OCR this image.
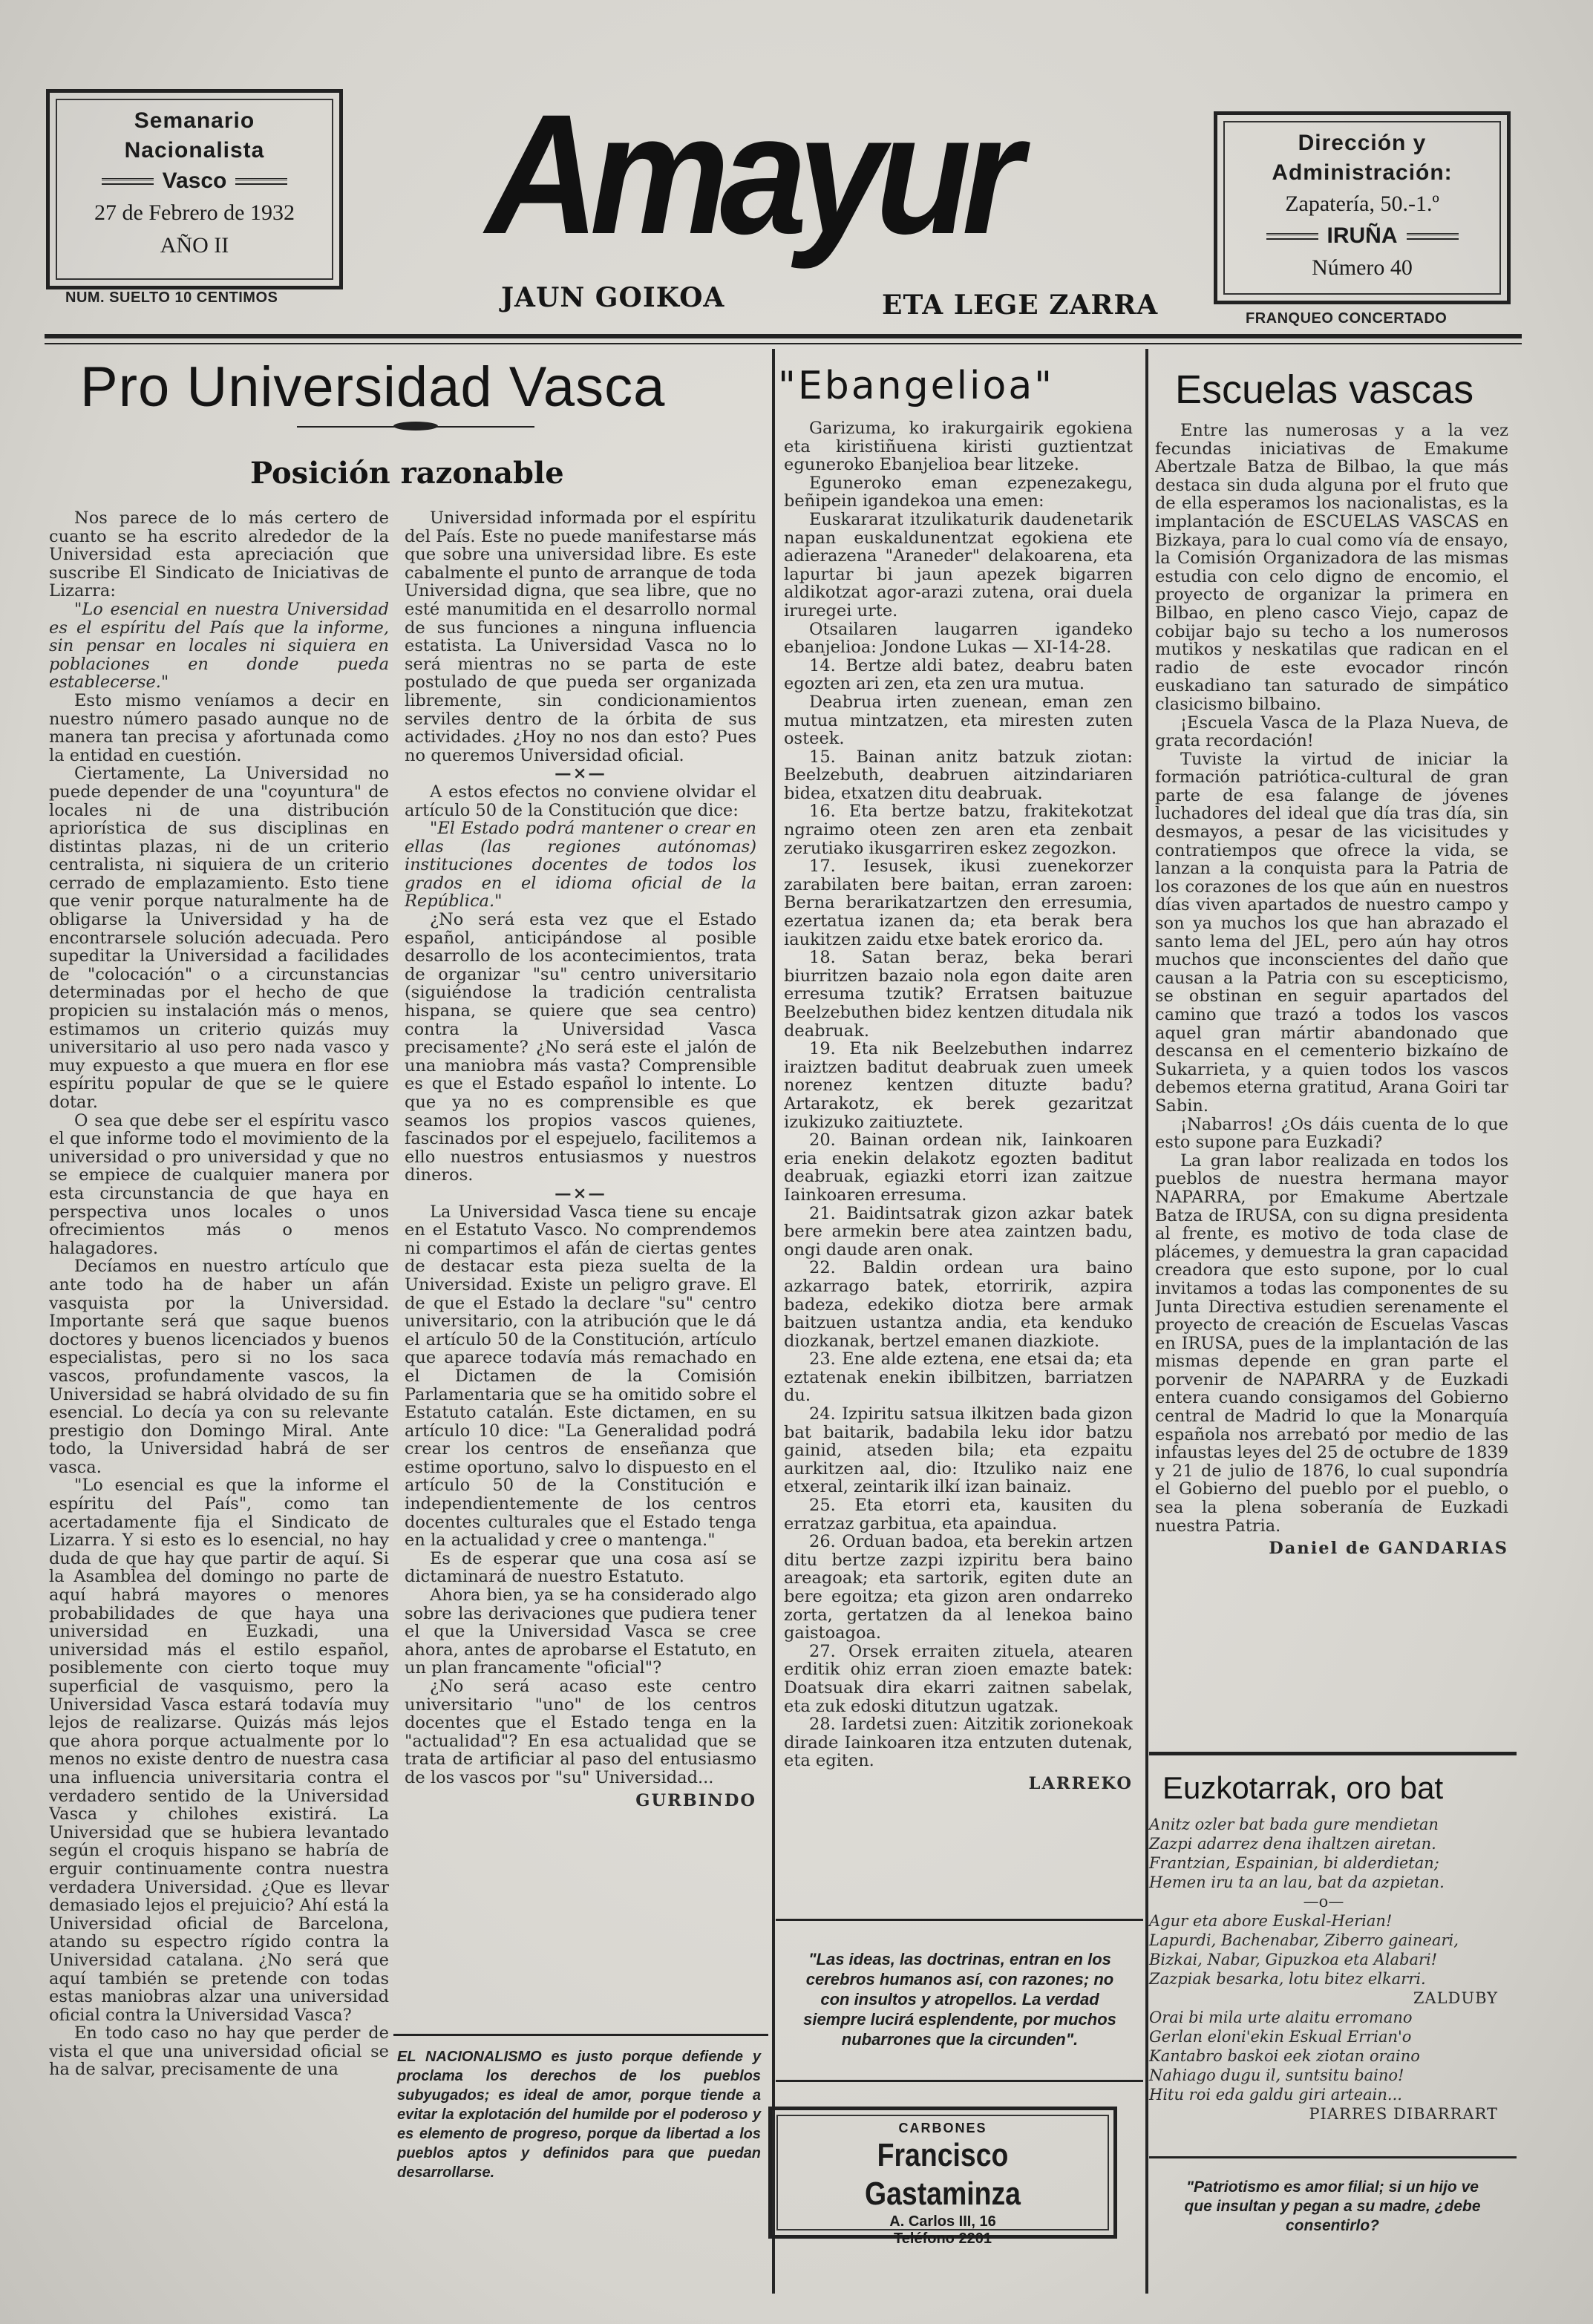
Semanario Nacionalista
Vasco
27 de Febrero de 1932
AÑO II
NUM. SUELTO 10 CENTIMOS
Amayur
JAUN GOIKOA	ETA LEGE ZARRA
Dirección y Administración:
Zapatería, 50.-1.º
IRUÑA
Número 40
FRANQUEO CONCERTADO
Pro Universidad Vasca
Posición razonable

Nos parece de lo más certero de cuanto se ha escrito alrededor de la Universidad esta apreciación que suscribe El Sindicato de Iniciativas de Lizarra:

"Lo esencial en nuestra Universidad es el espíritu del País que la informe, sin pensar en locales ni siquiera en poblaciones en donde pueda establecerse."

Esto mismo veníamos a decir en nuestro número pasado aunque no de manera tan precisa y afortunada como la entidad en cuestión.

Ciertamente, La Universidad no puede depender de una "coyuntura" de locales ni de una distribución apriorística de sus disciplinas en distintas plazas, ni de un criterio centralista, ni siquiera de un criterio cerrado de emplazamiento. Esto tiene que venir porque naturalmente ha de obligarse la Universidad y ha de encontrarsele solución adecuada. Pero supeditar la Universidad a facilidades de "colocación" o a circunstancias determinadas por el hecho de que propicien su instalación más o menos, estimamos un criterio quizás muy universitario al uso pero nada vasco y muy expuesto a que muera en flor ese espíritu popular de que se le quiere dotar.

O sea que debe ser el espíritu vasco el que informe todo el movimiento de la universidad o pro universidad y que no se empiece de cualquier manera por esta circunstancia de que haya en perspectiva unos locales o unos ofrecimientos más o menos halagadores.

Decíamos en nuestro artículo que ante todo ha de haber un afán vasquista por la Universidad. Importante será que saque buenos doctores y buenos licenciados y buenos especialistas, pero si no los saca vascos, profundamente vascos, la Universidad se habrá olvidado de su fin esencial. Lo decía ya con su relevante prestigio don Domingo Miral. Ante todo, la Universidad habrá de ser vasca.

"Lo esencial es que la informe el espíritu del País", como tan acertadamente fija el Sindicato de Lizarra. Y si esto es lo esencial, no hay duda de que hay que partir de aquí. Si la Asamblea del domingo no parte de aquí habrá mayores o menores probabilidades de que haya una universidad en Euzkadi, una universidad más el estilo español, posiblemente con cierto toque muy superficial de vasquismo, pero la Universidad Vasca estará todavía muy lejos de realizarse. Quizás más lejos que ahora porque actualmente por lo menos no existe dentro de nuestra casa una influencia universitaria contra el verdadero sentido de la Universidad Vasca y chilohes existirá. La Universidad que se hubiera levantado según el croquis hispano se habría de erguir continuamente contra nuestra verdadera Universidad. ¿Que es llevar demasiado lejos el prejuicio? Ahí está la Universidad oficial de Barcelona, atando su espectro rígido contra la Universidad catalana. ¿No será que aquí también se pretende con todas estas maniobras alzar una universidad oficial contra la Universidad Vasca?

En todo caso no hay que perder de vista el que una universidad oficial se ha de salvar, precisamente de una

Universidad informada por el espíritu del País. Este no puede manifestarse más que sobre una universidad libre. Es este cabalmente el punto de arranque de toda Universidad digna, que sea libre, que no esté manumitida en el desarrollo normal de sus funciones a ninguna influencia estatista. La Universidad Vasca no lo será mientras no se parta de este postulado de que pueda ser organizada libremente, sin condicionamientos serviles dentro de la órbita de sus actividades. ¿Hoy no nos dan esto? Pues no queremos Universidad oficial.

—×—

A estos efectos no conviene olvidar el artículo 50 de la Constitución que dice:

"El Estado podrá mantener o crear en ellas (las regiones autónomas) instituciones docentes de todos los grados en el idioma oficial de la República."

¿No será esta vez que el Estado español, anticipándose al posible desarrollo de los acontecimientos, trata de organizar "su" centro universitario (siguiéndose la tradición centralista hispana, se quiere que sea centro) contra la Universidad Vasca precisamente? ¿No será este el jalón de una maniobra más vasta? Comprensible es que el Estado español lo intente. Lo que ya no es comprensible es que seamos los propios vascos quienes, fascinados por el espejuelo, facilitemos a ello nuestros entusiasmos y nuestros dineros.

—×—

La Universidad Vasca tiene su encaje en el Estatuto Vasco. No comprendemos ni compartimos el afán de ciertas gentes de destacar esta pieza suelta de la Universidad. Existe un peligro grave. El de que el Estado la declare "su" centro universitario, con la atribución que le dá el artículo 50 de la Constitución, artículo que aparece todavía más remachado en el Dictamen de la Comisión Parlamentaria que se ha omitido sobre el Estatuto catalán. Este dictamen, en su artículo 10 dice: "La Generalidad podrá crear los centros de enseñanza que estime oportuno, salvo lo dispuesto en el artículo 50 de la Constitución e independientemente de los centros docentes culturales que el Estado tenga en la actualidad y cree o mantenga."

Es de esperar que una cosa así se dictaminará de nuestro Estatuto.

Ahora bien, ya se ha considerado algo sobre las derivaciones que pudiera tener el que la Universidad Vasca se cree ahora, antes de aprobarse el Estatuto, en un plan francamente "oficial"?

¿No será acaso este centro universitario "uno" de los centros docentes que el Estado tenga en la "actualidad"? En esa actualidad que se trata de artificiar al paso del entusiasmo de los vascos por "su" Universidad...

GURBINDO

EL NACIONALISMO es justo porque defiende y proclama los derechos de los pueblos subyugados; es ideal de amor, porque tiende a evitar la explotación del humilde por el poderoso y es elemento de progreso, porque da libertad a los pueblos aptos y definidos para que puedan desarrollarse.
"Ebangelioa"

Garizuma, ko irakurgairik egokiena eta kiristiñuena kiristi guztientzat eguneroko Ebanjelioa bear litzeke.

Eguneroko eman ezpenezakegu, beñipein igandekoa una emen:

Euskararat itzulikaturik daudenetarik napan euskaldunentzat egokiena ete adierazena "Araneder" delakoarena, eta lapurtar bi jaun apezek bigarren aldikotzat agor-arazi zutena, orai duela iruregei urte.

Otsailaren laugarren igandeko ebanjelioa: Jondone Lukas — XI-14-28.

14. Bertze aldi batez, deabru baten egozten ari zen, eta zen ura mutua.

Deabrua irten zuenean, eman zen mutua mintzatzen, eta miresten zuten osteek.

15. Bainan anitz batzuk ziotan: Beelzebuth, deabruen aitzindariaren bidea, etxatzen ditu deabruak.

16. Eta bertze batzu, frakitekotzat ngraimo oteen zen aren eta zenbait zerutiako ikusgarriren eskez zegozkon.

17. Iesusek, ikusi zuenekorzer zarabilaten bere baitan, erran zaroen: Berna berarikatzartzen den erresumia, ezertatua izanen da; eta berak bera iaukitzen zaidu etxe batek erorico da.

18. Satan beraz, beka berari biurritzen bazaio nola egon daite aren erresuma tzutik? Erratsen baituzue Beelzebuthen bidez kentzen ditudala nik deabruak.

19. Eta nik Beelzebuthen indarrez iraiztzen baditut deabruak zuen umeek norenez kentzen dituzte badu? Artarakotz, ek berek gezaritzat izukizuko zaitiuztete.

20. Bainan ordean nik, Iainkoaren eria enekin delakotz egozten baditut deabruak, egiazki etorri izan zaitzue Iainkoaren erresuma.

21. Baidintsatrak gizon azkar batek bere armekin bere atea zaintzen badu, ongi daude aren onak.

22. Baldin ordean ura baino azkarrago batek, etorririk, azpira badeza, edekiko diotza bere armak baitzuen ustantza andia, eta kenduko diozkanak, bertzel emanen diazkiote.

23. Ene alde eztena, ene etsai da; eta eztatenak enekin ibilbitzen, barriatzen du.

24. Izpiritu satsua ilkitzen bada gizon bat baitarik, badabila leku idor batzu gainid, atseden bila; eta ezpaitu aurkitzen aal, dio: Itzuliko naiz ene etxeral, zeintarik ilkí izan bainaiz.

25. Eta etorri eta, kausiten du erratzaz garbitua, eta apaindua.

26. Orduan badoa, eta berekin artzen ditu bertze zazpi izpiritu bera baino areagoak; eta sartorik, egiten dute an bere egoitza; eta gizon aren ondarreko zorta, gertatzen da al lenekoa baino gaistoagoa.

27. Orsek erraiten zituela, atearen erditik ohiz erran zioen emazte batek: Doatsuak dira ekarri zaitnen sabelak, eta zuk edoski ditutzun ugatzak.

28. Iardetsi zuen: Aitzitik zorionekoak dirade Iainkoaren itza entzuten dutenak, eta egiten.

LARREKO

"Las ideas, las doctrinas, entran en los cerebros humanos así, con razones; no con insultos y atropellos. La verdad siempre lucirá esplendente, por muchos nubarrones que la circunden".
CARBONES
Francisco Gastaminza
A. Carlos III, 16
Teléfono 2201
Escuelas vascas

Entre las numerosas y a la vez fecundas iniciativas de Emakume Abertzale Batza de Bilbao, la que más destaca sin duda alguna por el fruto que de ella esperamos los nacionalistas, es la implantación de ESCUELAS VASCAS en Bizkaya, para lo cual como vía de ensayo, la Comisión Organizadora de las mismas estudia con celo digno de encomio, el proyecto de organizar la primera en Bilbao, en pleno casco Viejo, capaz de cobijar bajo su techo a los numerosos mutikos y neskatilas que radican en el radio de este evocador rincón euskadiano tan saturado de simpático clasicismo bilbaino.

¡Escuela Vasca de la Plaza Nueva, de grata recordación!

Tuviste la virtud de iniciar la formación patriótica-cultural de gran parte de esa falange de jóvenes luchadores del ideal que día tras día, sin desmayos, a pesar de las vicisitudes y contratiempos que ofrece la vida, se lanzan a la conquista para la Patria de los corazones de los que aún en nuestros días viven apartados de nuestro campo y son ya muchos los que han abrazado el santo lema del JEL, pero aún hay otros muchos que inconscientes del daño que causan a la Patria con su escepticismo, se obstinan en seguir apartados del camino que trazó a todos los vascos aquel gran mártir abandonado que descansa en el cementerio bizkaíno de Sukarrieta, y a quien todos los vascos debemos eterna gratitud, Arana Goiri tar Sabin.

¡Nabarros! ¿Os dáis cuenta de lo que esto supone para Euzkadi?

La gran labor realizada en todos los pueblos de nuestra hermana mayor NAPARRA, por Emakume Abertzale Batza de IRUSA, con su digna presidenta al frente, es motivo de toda clase de plácemes, y demuestra la gran capacidad creadora que esto supone, por lo cual invitamos a todas las componentes de su Junta Directiva estudien serenamente el proyecto de creación de Escuelas Vascas en IRUSA, pues de la implantación de las mismas depende en gran parte el porvenir de NAPARRA y de Euzkadi entera cuando consigamos del Gobierno central de Madrid lo que la Monarquía española nos arrebató por medio de las infaustas leyes del 25 de octubre de 1839 y 21 de julio de 1876, lo cual supondría el Gobierno del pueblo por el pueblo, o sea la plena soberanía de Euzkadi nuestra Patria.

Daniel de GANDARIAS

Euzkotarrak, oro bat
Anitz ozler bat bada gure mendietan
Zazpi adarrez dena ihaltzen airetan.
Frantzian, Espainian, bi alderdietan;
Hemen iru ta an lau, bat da azpietan.
—o—
Agur eta abore Euskal-Herian!
Lapurdi, Bachenabar, Ziberro gaineari,
Bizkai, Nabar, Gipuzkoa eta Alabari!
Zazpiak besarka, lotu bitez elkarri.
ZALDUBY
Orai bi mila urte alaitu erromano
Gerlan eloni'ekin Eskual Errian'o
Kantabro baskoi eek ziotan oraino
Nahiago dugu il, suntsitu baino!
Hitu roi eda galdu giri arteain...
PIARRES DIBARRART
"Patriotismo es amor filial; si un hijo ve que insultan y pegan a su madre, ¿debe consentirlo?
